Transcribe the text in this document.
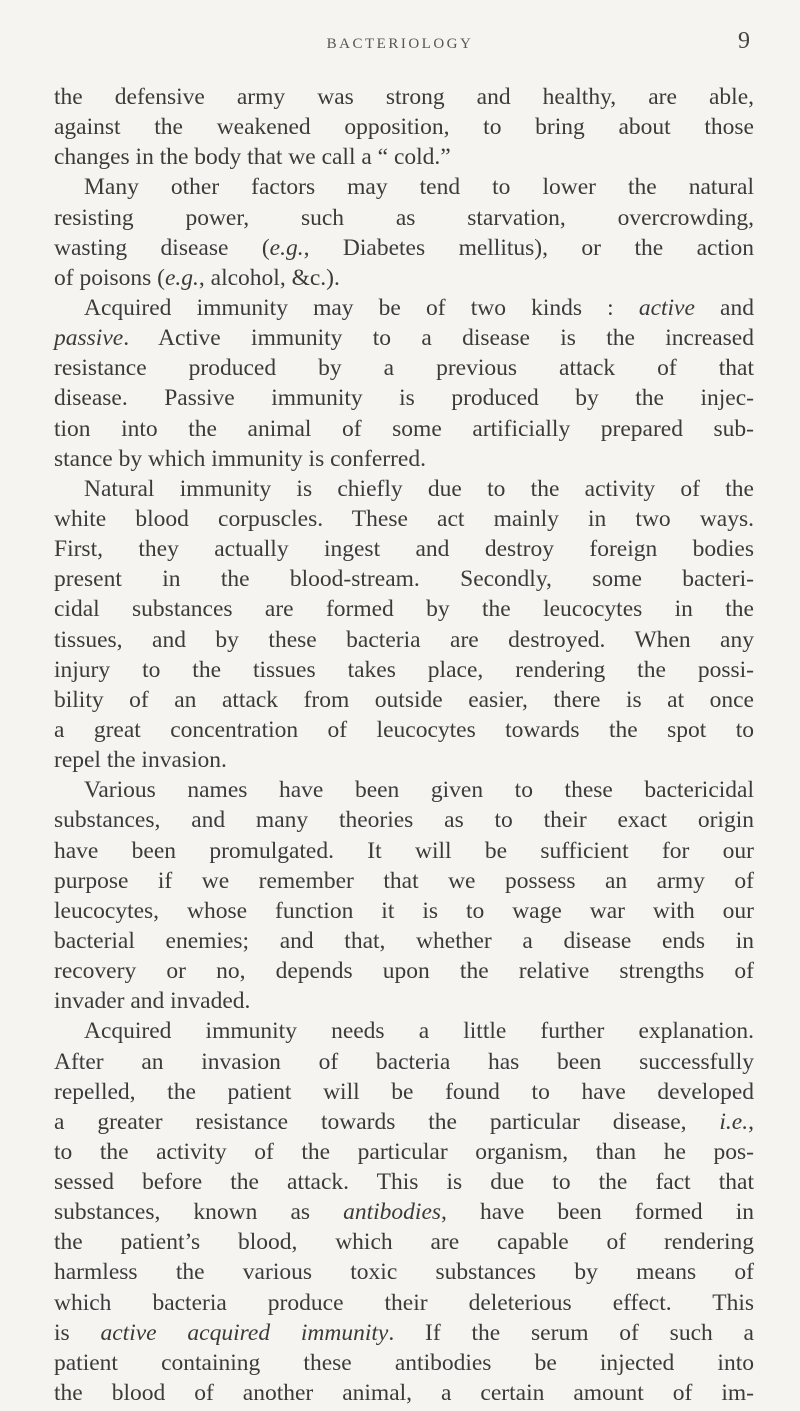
BACTERIOLOGY	9
the defensive army was strong and healthy, are able,
against the weakened opposition, to bring about those
changes in the body that we call a “ cold.”
Many other factors may tend to lower the natural
resisting power, such as starvation, overcrowding,
wasting disease (e.g., Diabetes mellitus), or the action
of poisons (e.g., alcohol, &c.).
Acquired immunity may be of two kinds : active and
passive. Active immunity to a disease is the increased
resistance produced by a previous attack of that
disease. Passive immunity is produced by the injec-
tion into the animal of some artificially prepared sub-
stance by which immunity is conferred.
Natural immunity is chiefly due to the activity of the
white blood corpuscles. These act mainly in two ways.
First, they actually ingest and destroy foreign bodies
present in the blood-stream. Secondly, some bacteri-
cidal substances are formed by the leucocytes in the
tissues, and by these bacteria are destroyed. When any
injury to the tissues takes place, rendering the possi-
bility of an attack from outside easier, there is at once
a great concentration of leucocytes towards the spot to
repel the invasion.
Various names have been given to these bactericidal
substances, and many theories as to their exact origin
have been promulgated. It will be sufficient for our
purpose if we remember that we possess an army of
leucocytes, whose function it is to wage war with our
bacterial enemies; and that, whether a disease ends in
recovery or no, depends upon the relative strengths of
invader and invaded.
Acquired immunity needs a little further explanation.
After an invasion of bacteria has been successfully
repelled, the patient will be found to have developed
a greater resistance towards the particular disease, i.e.,
to the activity of the particular organism, than he pos-
sessed before the attack. This is due to the fact that
substances, known as antibodies, have been formed in
the patient’s blood, which are capable of rendering
harmless the various toxic substances by means of
which bacteria produce their deleterious effect. This
is active acquired immunity. If the serum of such a
patient containing these antibodies be injected into
the blood of another animal, a certain amount of im-
